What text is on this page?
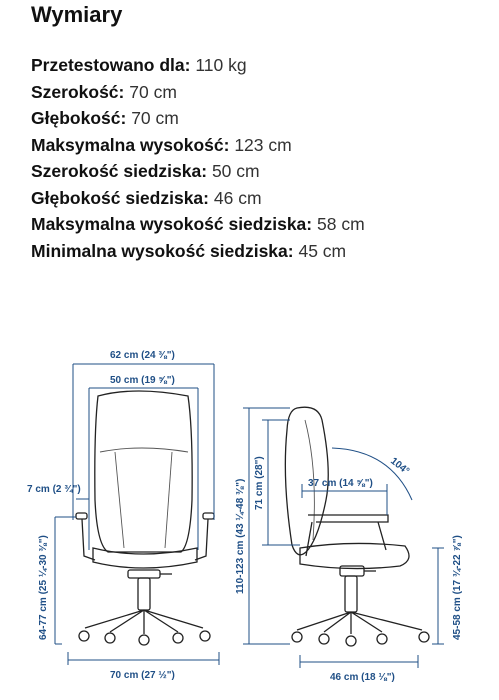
Wymiary
Przetestowano dla: 110 kg
Szerokość: 70 cm
Głębokość: 70 cm
Maksymalna wysokość: 123 cm
Szerokość siedziska: 50 cm
Głębokość siedziska: 46 cm
Maksymalna wysokość siedziska: 58 cm
Minimalna wysokość siedziska: 45 cm
62 cm (24 ⅜")
50 cm (19 ⅝")
7 cm (2 ¾")
64-77 cm (25 ¼-30 ⅜")
70 cm (27 ½")
110-123 cm (43 ¼-48 ⅜") 71 cm (28")	37 cm (14 ⅝")
104°
45-58 cm (17 ¾-22 ⅞")
46 cm (18 ⅛")
